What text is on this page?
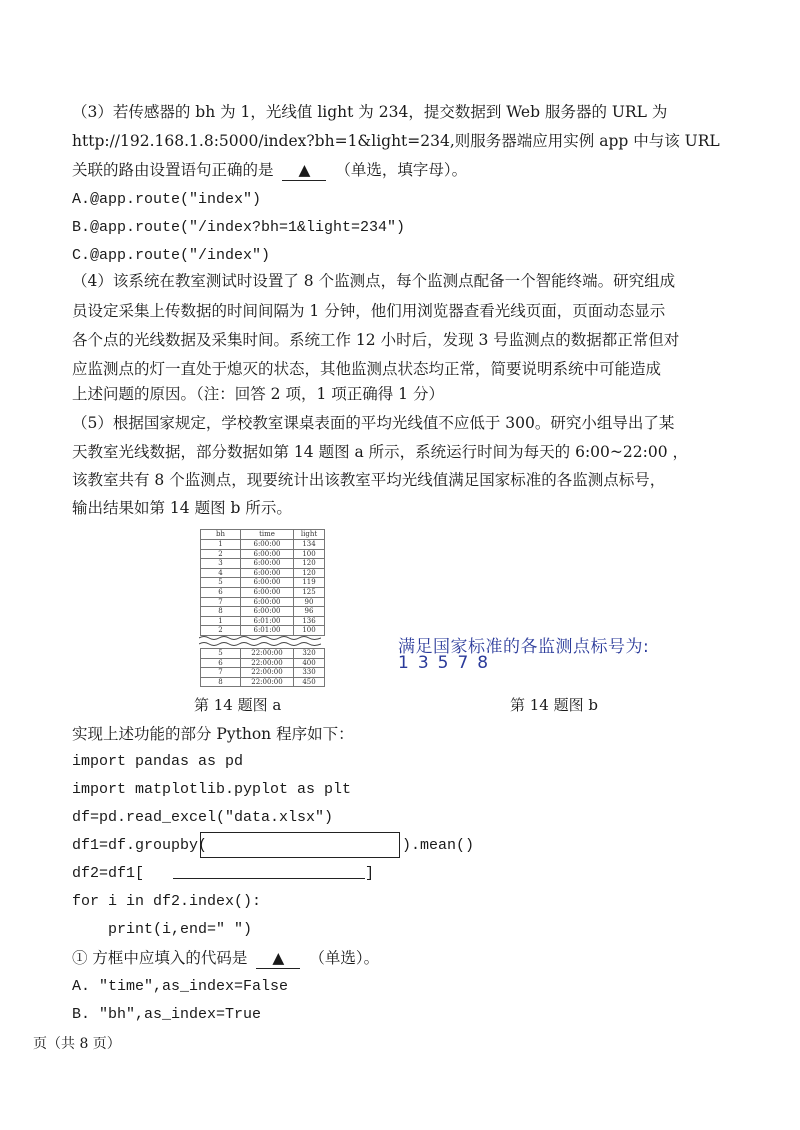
（3）若传感器的 bh 为 1，光线值 light 为 234，提交数据到 Web 服务器的 URL 为
http://192.168.1.8:5000/index?bh=1&light=234,则服务器端应用实例 app 中与该 URL
关联的路由设置语句正确的是 ▲ （单选，填字母）。
A.@app.route("index")
B.@app.route("/index?bh=1&light=234")
C.@app.route("/index")
（4）该系统在教室测试时设置了 8 个监测点，每个监测点配备一个智能终端。研究组成
员设定采集上传数据的时间间隔为 1 分钟，他们用浏览器查看光线页面，页面动态显示
各个点的光线数据及采集时间。系统工作 12 小时后，发现 3 号监测点的数据都正常但对
应监测点的灯一直处于熄灭的状态，其他监测点状态均正常，简要说明系统中可能造成
上述问题的原因。（注：回答 2 项，1 项正确得 1 分）
（5）根据国家规定，学校教室课桌表面的平均光线值不应低于 300。研究小组导出了某
天教室光线数据，部分数据如第 14 题图 a 所示，系统运行时间为每天的 6:00~22:00 ，
该教室共有 8 个监测点，现要统计出该教室平均光线值满足国家标准的各监测点标号，
输出结果如第 14 题图 b 所示。
bh	time	light
1	6:00:00	134
2	6:00:00	100
3	6:00:00	120
4	6:00:00	120
5	6:00:00	119
6	6:00:00	125
7	6:00:00	90
8	6:00:00	96
1	6:01:00	136
2	6:01:00	100

5	22:00:00	320
6	22:00:00	400
7	22:00:00	330
8	22:00:00	450
满足国家标准的各监测点标号为:
13578
第 14 题图 a	第 14 题图 b
实现上述功能的部分 Python 程序如下：
import pandas as pd
import matplotlib.pyplot as plt
df=pd.read_excel("data.xlsx")
df1=df.groupby(	).mean()
df2=df1[	]
for i in df2.index():
print(i,end=" ")
① 方框中应填入的代码是 ▲ （单选）。
A. "time",as_index=False
B. "bh",as_index=True
页（共 8 页）
